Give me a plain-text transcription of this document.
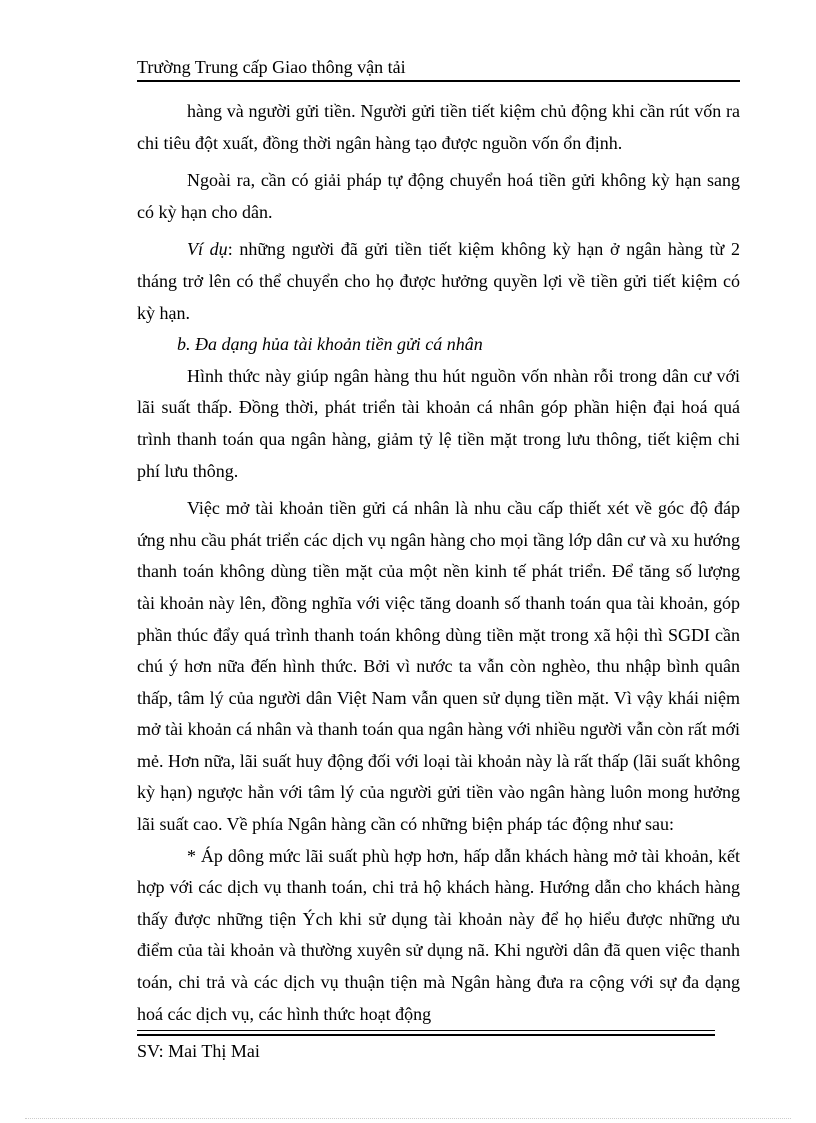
Trường Trung cấp Giao thông vận tải

hàng và người gửi tiền. Người gửi tiền tiết kiệm chủ động khi cần rút vốn ra chi tiêu đột xuất, đồng thời ngân hàng tạo được nguồn vốn ổn định.

Ngoài ra, cần có giải pháp tự động chuyển hoá tiền gửi không kỳ hạn sang có kỳ hạn cho dân.

Ví dụ: những người đã gửi tiền tiết kiệm không kỳ hạn ở ngân hàng từ 2 tháng trở lên có thể chuyển cho họ được hưởng quyền lợi về tiền gửi tiết kiệm có kỳ hạn.

b. Đa dạng hủa tài khoản tiền gửi cá nhân

Hình thức này giúp ngân hàng thu hút nguồn vốn nhàn rỗi trong dân cư với lãi suất thấp. Đồng thời, phát triển tài khoản cá nhân góp phần hiện đại hoá quá trình thanh toán qua ngân hàng, giảm tỷ lệ tiền mặt trong lưu thông, tiết kiệm chi phí lưu thông.

Việc mở tài khoản tiền gửi cá nhân là nhu cầu cấp thiết xét về góc độ đáp ứng nhu cầu phát triển các dịch vụ ngân hàng cho mọi tầng lớp dân cư và xu hướng thanh toán không dùng tiền mặt của một nền kinh tế phát triển. Để tăng số lượng tài khoản này lên, đồng nghĩa với việc tăng doanh số thanh toán qua tài khoản, góp phần thúc đẩy quá trình thanh toán không dùng tiền mặt trong xã hội thì SGDI cần chú ý hơn nữa đến hình thức. Bởi vì nước ta vẫn còn nghèo, thu nhập bình quân thấp, tâm lý của người dân Việt Nam vẫn quen sử dụng tiền mặt. Vì vậy khái niệm mở tài khoản cá nhân và thanh toán qua ngân hàng với nhiều người vẫn còn rất mới mẻ. Hơn nữa, lãi suất huy động đối với loại tài khoản này là rất thấp (lãi suất không kỳ hạn) ngược hẳn với tâm lý của người gửi tiền vào ngân hàng luôn mong hưởng lãi suất cao. Về phía Ngân hàng cần có những biện pháp tác động như sau:

* Áp dông mức lãi suất phù hợp hơn, hấp dẫn khách hàng mở tài khoản, kết hợp với các dịch vụ thanh toán, chi trả hộ khách hàng. Hướng dẫn cho khách hàng thấy được những tiện Ých khi sử dụng tài khoản này để họ hiểu được những ưu điểm của tài khoản và thường xuyên sử dụng nã. Khi người dân đã quen việc thanh toán, chi trả và các dịch vụ thuận tiện mà Ngân hàng đưa ra cộng với sự đa dạng hoá các dịch vụ, các hình thức hoạt động

SV: Mai Thị Mai
